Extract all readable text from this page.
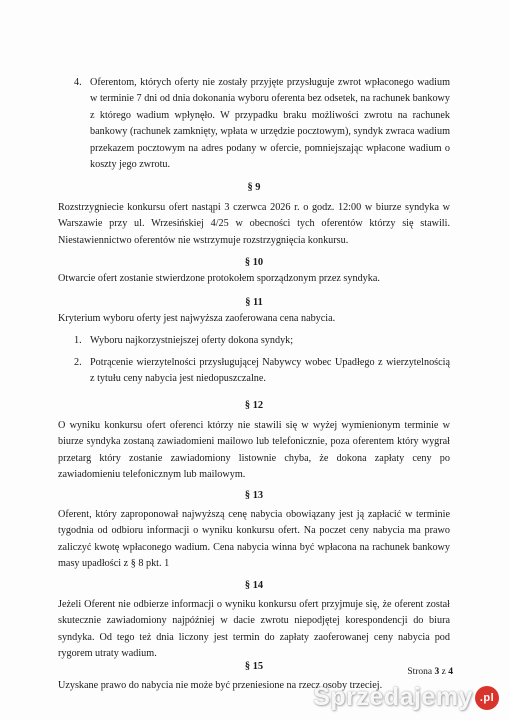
4. Oferentom, których oferty nie zostały przyjęte przysługuje zwrot wpłaconego wadium w terminie 7 dni od dnia dokonania wyboru oferenta bez odsetek, na rachunek bankowy z którego wadium wpłynęło. W przypadku braku możliwości zwrotu na rachunek bankowy (rachunek zamknięty, wpłata w urzędzie pocztowym), syndyk zwraca wadium przekazem pocztowym na adres podany w ofercie, pomniejszając wpłacone wadium o koszty jego zwrotu.

§ 9

Rozstrzygniecie konkursu ofert nastąpi 3 czerwca 2026 r. o godz. 12:00 w biurze syndyka w Warszawie przy ul. Wrzesińskiej 4/25 w obecności tych oferentów którzy się stawili. Niestawiennictwo oferentów nie wstrzymuje rozstrzygnięcia konkursu.

§ 10

Otwarcie ofert zostanie stwierdzone protokołem sporządzonym przez syndyka.

§ 11

Kryterium wyboru oferty jest najwyższa zaoferowana cena nabycia.

1. Wyboru najkorzystniejszej oferty dokona syndyk;

2. Potrącenie wierzytelności przysługującej Nabywcy wobec Upadłego z wierzytelnością z tytułu ceny nabycia jest niedopuszczalne.

§ 12

O wyniku konkursu ofert oferenci którzy nie stawili się w wyżej wymienionym terminie w biurze syndyka zostaną zawiadomieni mailowo lub telefonicznie, poza oferentem który wygrał przetarg który zostanie zawiadomiony listownie chyba, że dokona zapłaty ceny po zawiadomieniu telefonicznym lub mailowym.

§ 13

Oferent, który zaproponował najwyższą cenę nabycia obowiązany jest ją zapłacić w terminie tygodnia od odbioru informacji o wyniku konkursu ofert. Na poczet ceny nabycia ma prawo zaliczyć kwotę wpłaconego wadium. Cena nabycia winna być wpłacona na rachunek bankowy masy upadłości z § 8 pkt. 1

§ 14

Jeżeli Oferent nie odbierze informacji o wyniku konkursu ofert przyjmuje się, że oferent został skutecznie zawiadomiony najpóźniej w dacie zwrotu niepodjętej korespondencji do biura syndyka. Od tego też dnia liczony jest termin do zapłaty zaoferowanej ceny nabycia pod rygorem utraty wadium.

§ 15

Uzyskane prawo do nabycia nie może być przeniesione na rzecz osoby trzeciej.

Strona 3 z 4
Sprzedajemy .pl
